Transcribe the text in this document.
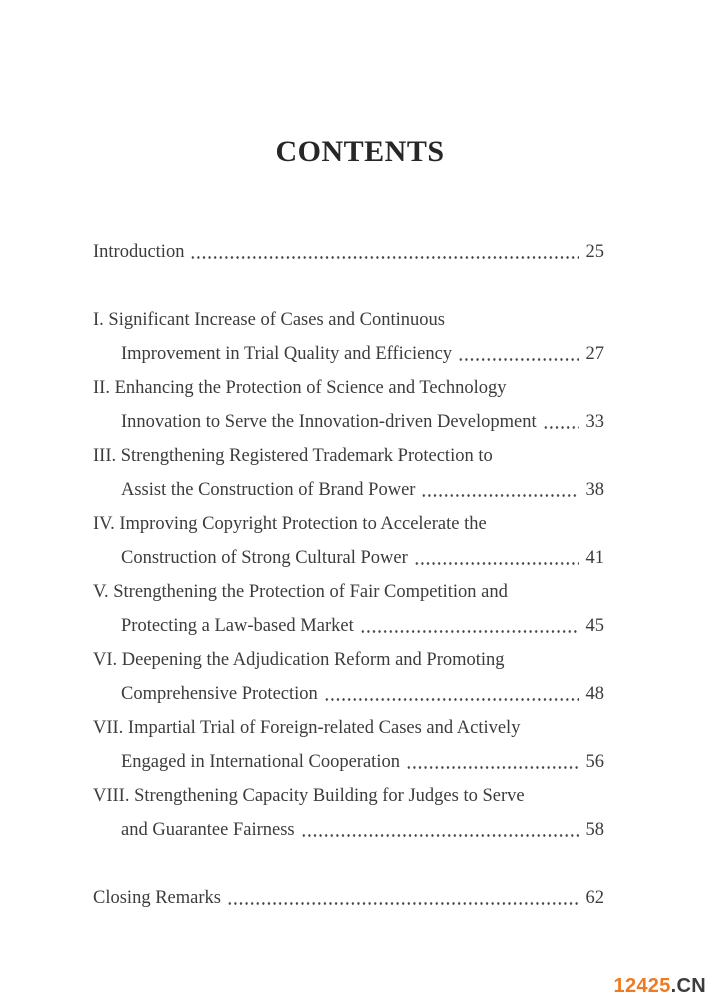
CONTENTS
Introduction	25
I. Significant Increase of Cases and Continuous
Improvement in Trial Quality and Efficiency	27
II. Enhancing the Protection of Science and Technology
Innovation to Serve the Innovation-driven Development	33
III. Strengthening Registered Trademark Protection to
Assist the Construction of Brand Power	38
IV. Improving Copyright Protection to Accelerate the
Construction of Strong Cultural Power	41
V. Strengthening the Protection of Fair Competition and
Protecting a Law-based Market	45
VI. Deepening the Adjudication Reform and Promoting
Comprehensive Protection	48
VII. Impartial Trial of Foreign-related Cases and Actively
Engaged in International Cooperation	56
VIII. Strengthening Capacity Building for Judges to Serve
and Guarantee Fairness	58
Closing Remarks	62
12425.CN
